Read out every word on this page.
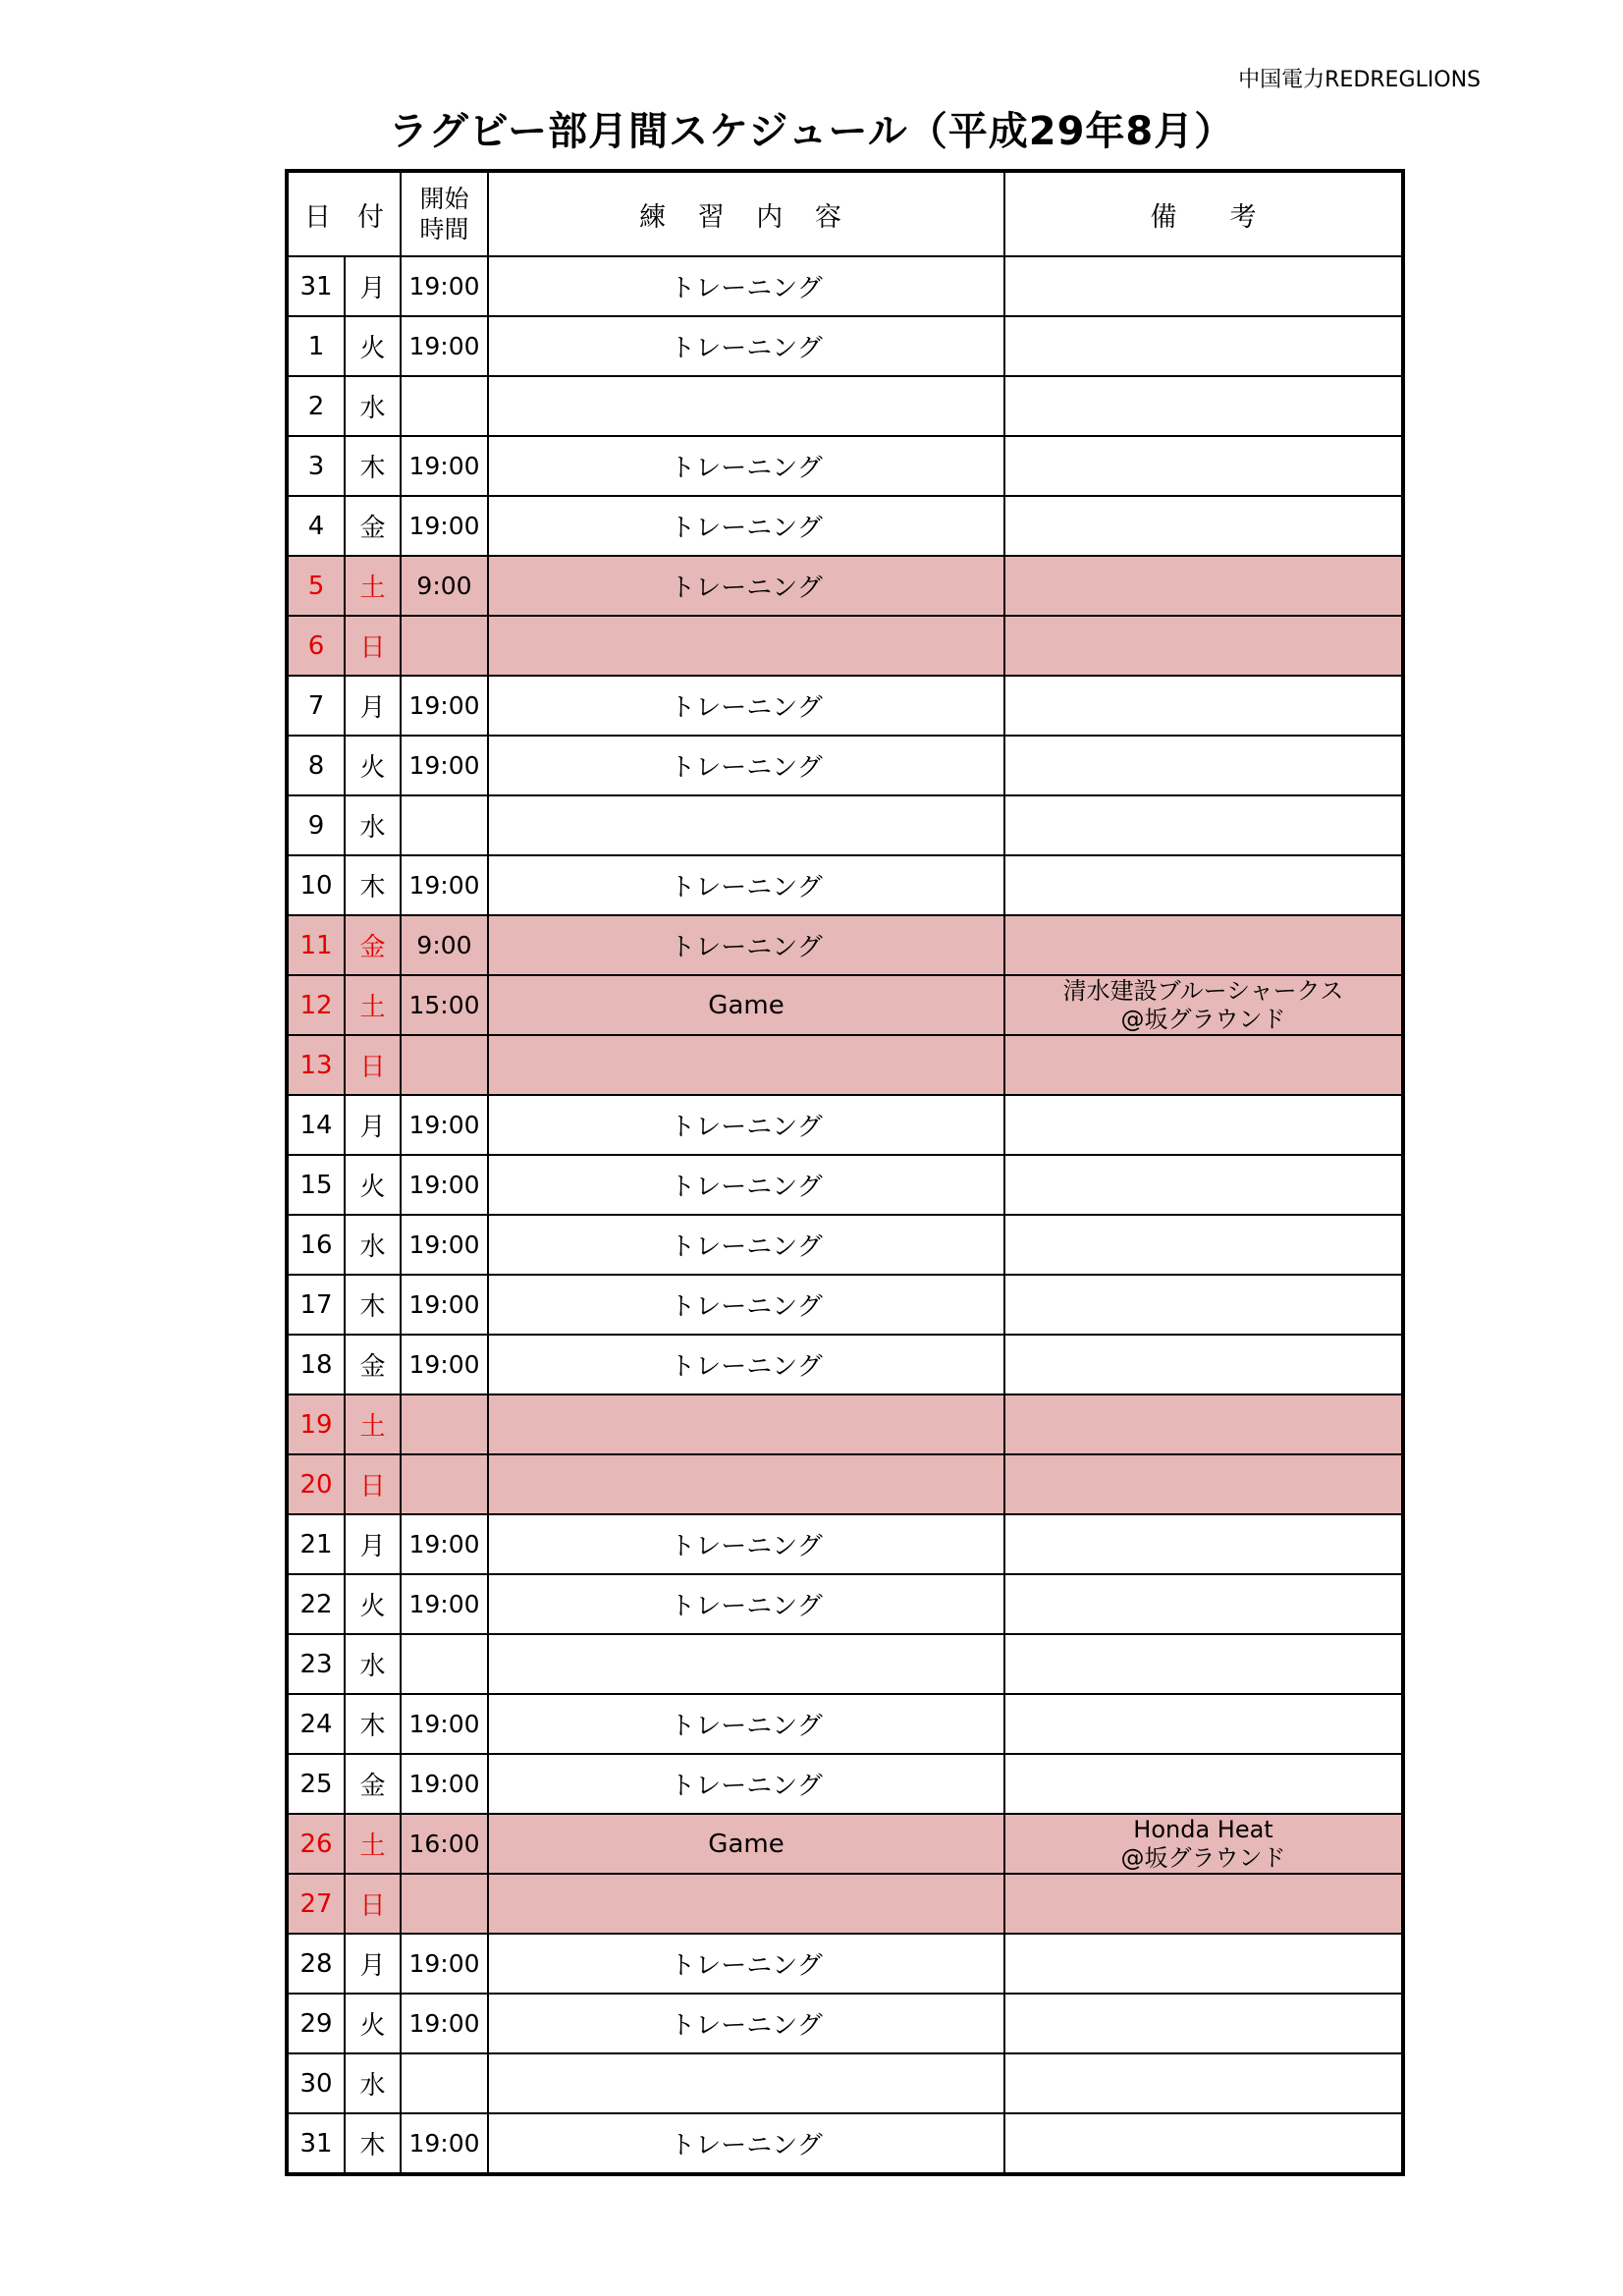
中国電力REDREGLIONS
ラグビー部月間スケジュール（平成29年8月）
日　付		開始
時間	練 習 内 容	備　　考
31	月	19:00	トレーニング	
1	火	19:00	トレーニング	
2	水			
3	木	19:00	トレーニング	
4	金	19:00	トレーニング	
5	土	9:00	トレーニング	
6	日			
7	月	19:00	トレーニング	
8	火	19:00	トレーニング	
9	水			
10	木	19:00	トレーニング	
11	金	9:00	トレーニング	
12	土	15:00	Game	清水建設ブルーシャークス
@坂グラウンド

13	日			
14	月	19:00	トレーニング	
15	火	19:00	トレーニング	
16	水	19:00	トレーニング	
17	木	19:00	トレーニング	
18	金	19:00	トレーニング	
19	土			
20	日			
21	月	19:00	トレーニング	
22	火	19:00	トレーニング	
23	水			
24	木	19:00	トレーニング	
25	金	19:00	トレーニング	
26	土	16:00	Game	Honda Heat
@坂グラウンド

27	日			
28	月	19:00	トレーニング	
29	火	19:00	トレーニング	
30	水			
31	木	19:00	トレーニング	
